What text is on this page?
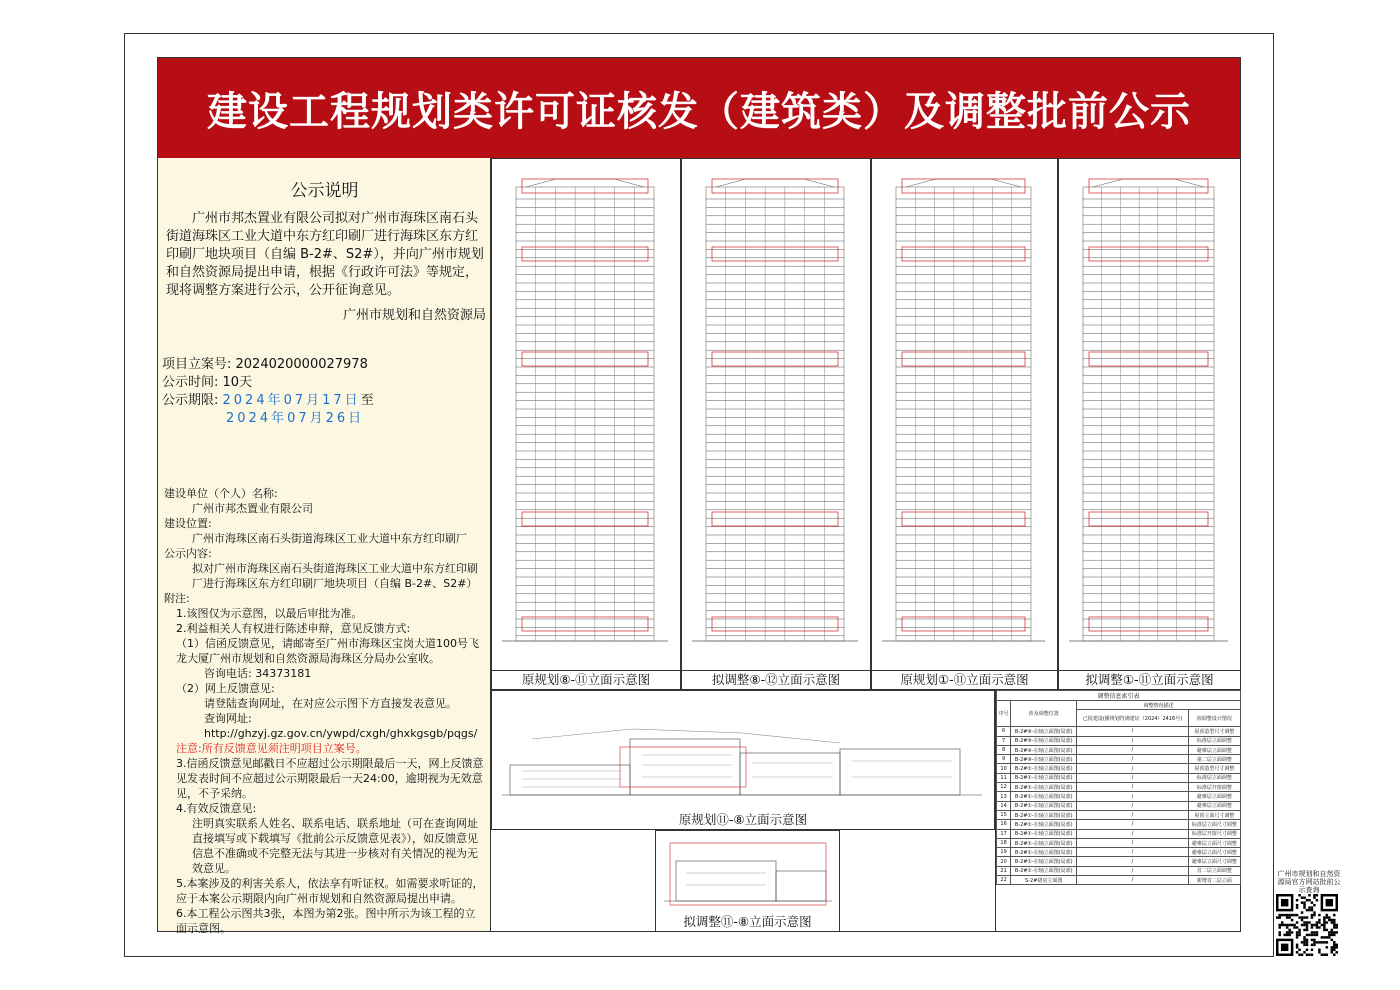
建设工程规划类许可证核发（建筑类）及调整批前公示
公示说明
广州市邦杰置业有限公司拟对广州市海珠区南石头街道海珠区工业大道中东方红印刷厂进行海珠区东方红印刷厂地块项目（自编 B-2#、S2#），并向广州市规划和自然资源局提出申请，根据《行政许可法》等规定，现将调整方案进行公示，公开征询意见。
广州市规划和自然资源局
项目立案号: 2024020000027978
公示时间: 10天
公示期限: 2024年07月17日至
2024年07月26日

建设单位（个人）名称:

广州市邦杰置业有限公司

建设位置:

广州市海珠区南石头街道海珠区工业大道中东方红印刷厂

公示内容:

拟对广州市海珠区南石头街道海珠区工业大道中东方红印刷厂进行海珠区东方红印刷厂地块项目（自编 B-2#、S2#）

附注:

1.该图仅为示意图，以最后审批为准。

2.利益相关人有权进行陈述申辩，意见反馈方式:

（1）信函反馈意见，请邮寄至广州市海珠区宝岗大道100号飞龙大厦广州市规划和自然资源局海珠区分局办公室收。

咨询电话: 34373181

（2）网上反馈意见:

请登陆查询网址，在对应公示图下方直接发表意见。

查询网址:

http://ghzyj.gz.gov.cn/ywpd/cxgh/ghxkgsgb/pqgs/

注意:所有反馈意见须注明项目立案号。

3.信函反馈意见邮戳日不应超过公示期限最后一天，网上反馈意见发表时间不应超过公示期限最后一天24:00，逾期视为无效意见，不予采纳。

4.有效反馈意见:

注明真实联系人姓名、联系电话、联系地址（可在查询网址直接填写或下载填写《批前公示反馈意见表》），如反馈意见信息不准确或不完整无法与其进一步核对有关情况的视为无效意见。

5.本案涉及的利害关系人，依法享有听证权。如需要求听证的，应于本案公示期限内向广州市规划和自然资源局提出申请。

6.本工程公示图共3张，本图为第2张。图中所示为该工程的立面示意图。

原规划⑧-⑪立面示意图	拟调整⑧-⑫立面示意图	原规划①-⑪立面示意图	拟调整①-⑪立面示意图
原规划⑪-⑧立面示意图
拟调整⑪-⑧立面示意图
调整信息索引表			
序号	涉及调整位置	调整情况描述	
		已批建设(播规划符满建证（2024）2416号)	拟调整设计情况
6	B-2#⑧-⑪轴立面图(局部)	/	屋顶造型尺寸调整
7	B-2#⑧-⑪轴立面图(局部)	/	标准层立面调整
8	B-2#⑧-⑪轴立面图(局部)	/	避难层立面调整
9	B-2#⑧-⑪轴立面图(局部)	/	第二层立面调整
10	B-2#①-⑪轴立面图(局部)	/	屋顶造型尺寸调整
11	B-2#①-⑪轴立面图(局部)	/	标准层立面调整
12	B-2#①-⑪轴立面图(局部)	/	标准层开窗调整
13	B-2#①-⑪轴立面图(局部)	/	避难层立面调整
14	B-2#①-⑪轴立面图(局部)	/	避难层立面调整
15	B-2#①-⑪轴立面图(局部)	/	屋顶立面尺寸调整
16	B-2#①-⑪轴立面图(局部)	/	标准层立面尺寸调整
17	B-2#①-⑪轴立面图(局部)	/	标准层开窗尺寸调整
18	B-2#①-⑪轴立面图(局部)	/	避难层立面尺寸调整
19	B-2#①-⑪轴立面图(局部)	/	避难层立面尺寸调整
20	B-2#①-⑪轴立面图(局部)	/	避难层立面尺寸调整
21	B-2#①-⑪轴立面图(局部)	/	首二层立面调整
22	S-2#裙房立面图	/	新增首二层立面
广州市规划和自然资源局官方网站批前公示查询
